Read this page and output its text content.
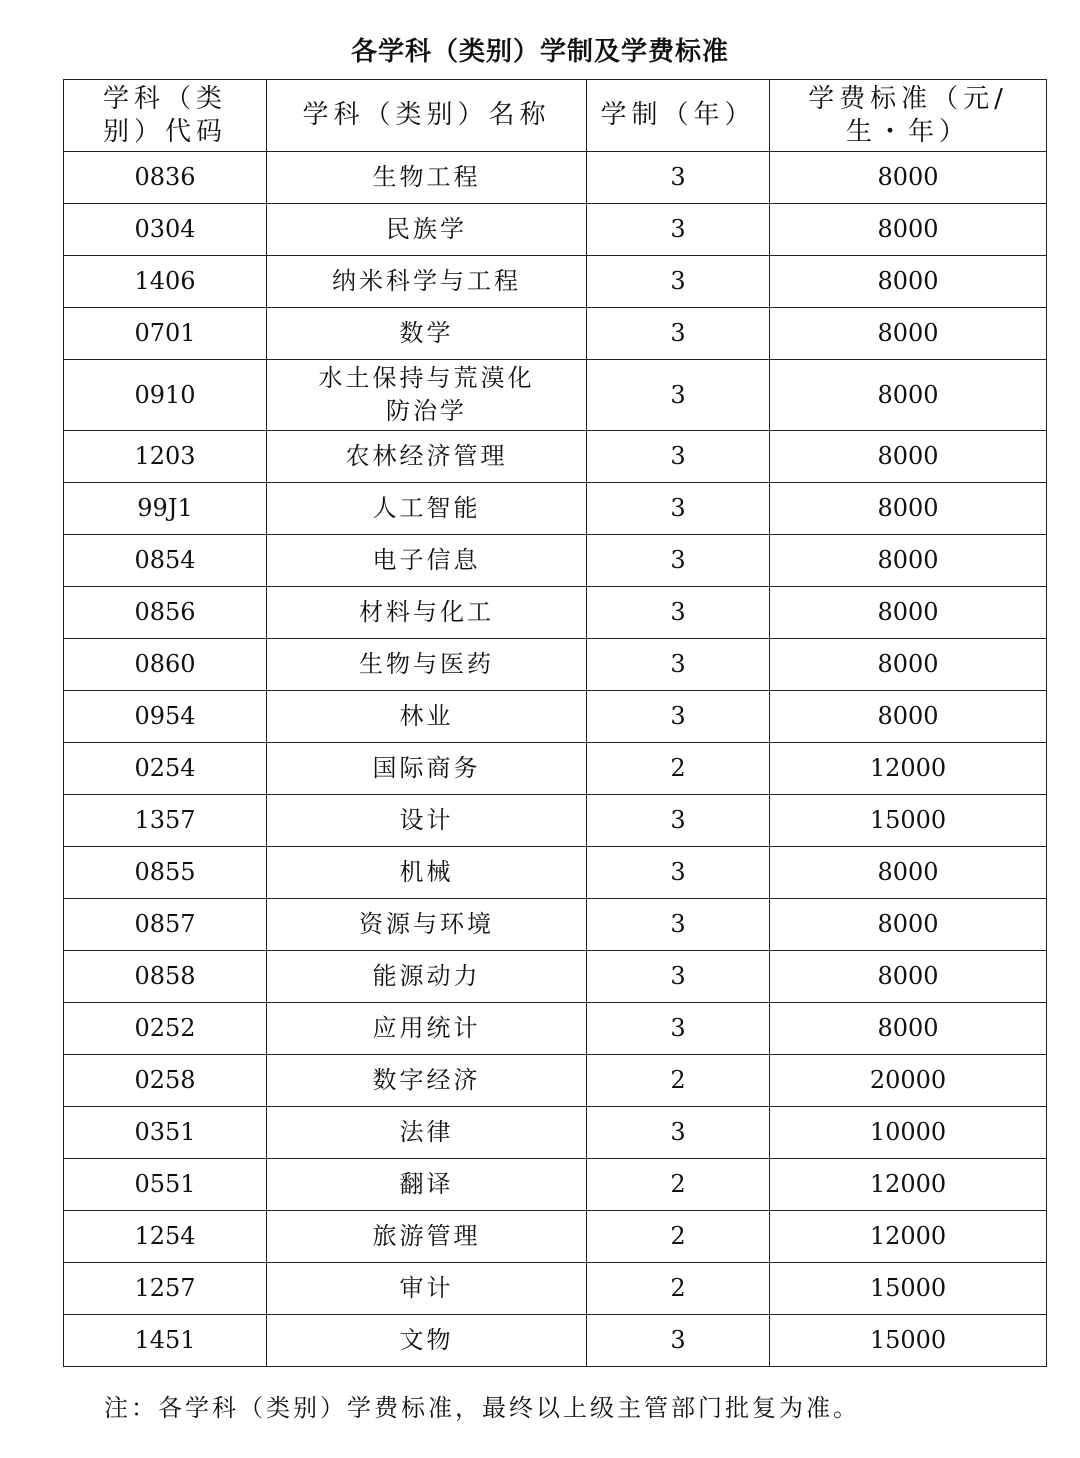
各学科（类别）学制及学费标准
学科（类别）代码	学科（类别）名称	学制（年）	学费标准（元/生・年）
0836	生物工程	3	8000
0304	民族学	3	8000
1406	纳米科学与工程	3	8000
0701	数学	3	8000
0910	水土保持与荒漠化防治学	3	8000
1203	农林经济管理	3	8000
99J1	人工智能	3	8000
0854	电子信息	3	8000
0856	材料与化工	3	8000
0860	生物与医药	3	8000
0954	林业	3	8000
0254	国际商务	2	12000
1357	设计	3	15000
0855	机械	3	8000
0857	资源与环境	3	8000
0858	能源动力	3	8000
0252	应用统计	3	8000
0258	数字经济	2	20000
0351	法律	3	10000
0551	翻译	2	12000
1254	旅游管理	2	12000
1257	审计	2	15000
1451	文物	3	15000
注：各学科（类别）学费标准，最终以上级主管部门批复为准。
